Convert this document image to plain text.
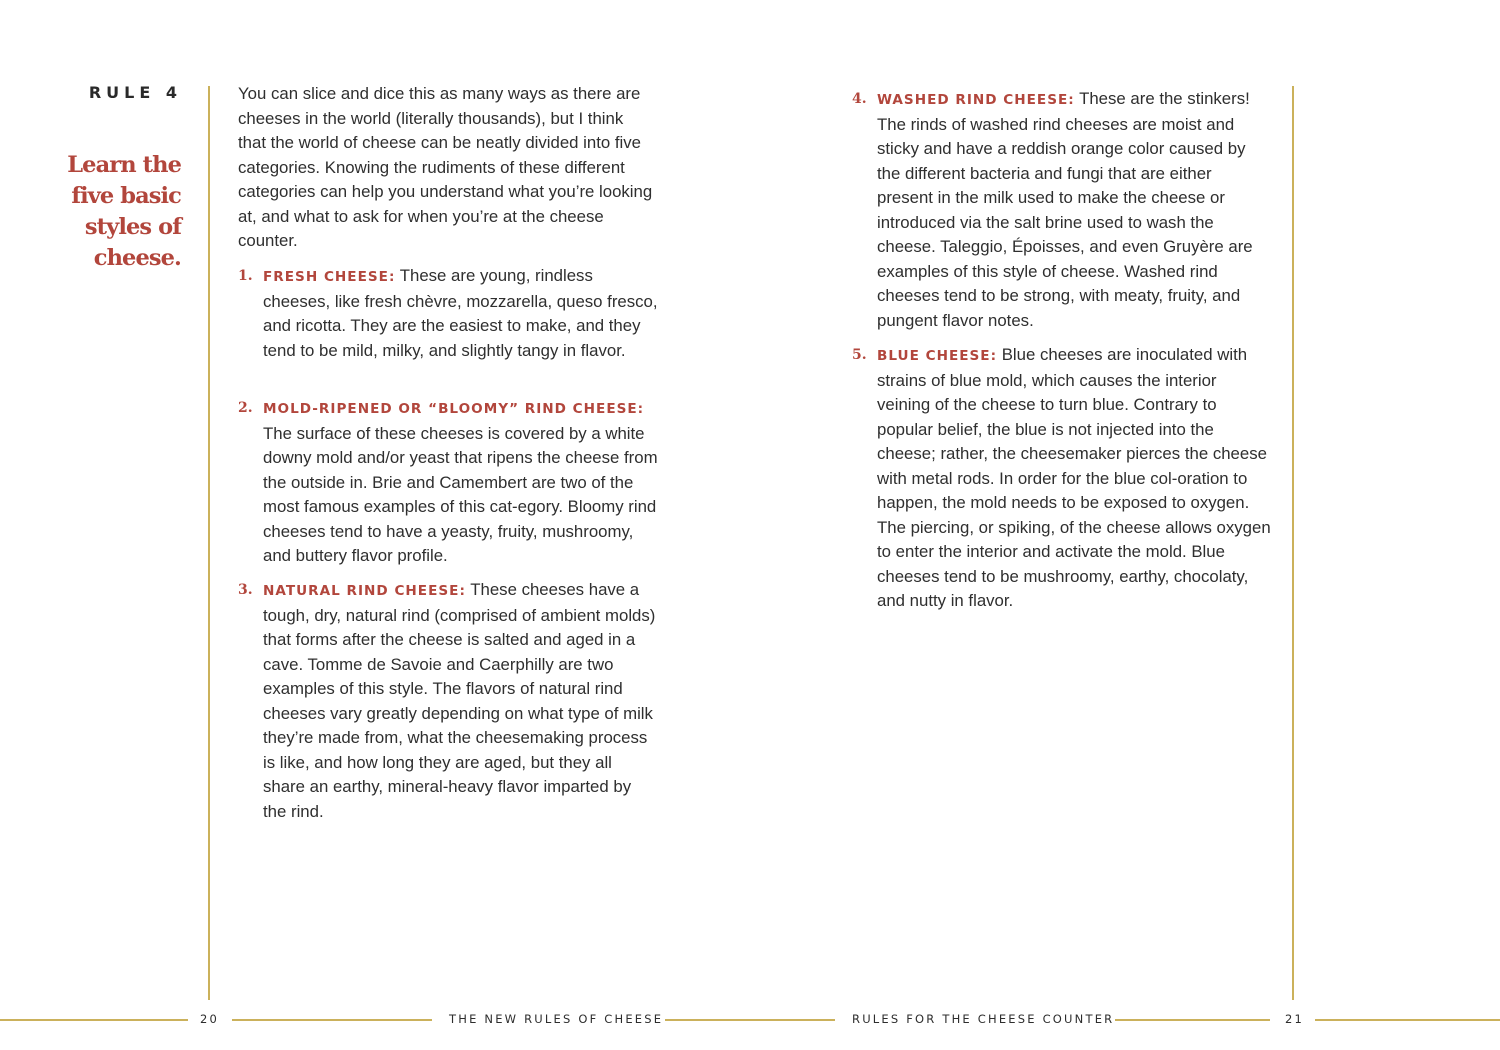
RULE 4
Learn the five basic styles of cheese.

You can slice and dice this as many ways as there are cheeses in the world (literally thousands), but I think that the world of cheese can be neatly divided into five categories. Knowing the rudiments of these different categories can help you understand what you’re looking at, and what to ask for when you’re at the cheese counter.

1. FRESH CHEESE: These are young, rindless cheeses, like fresh chèvre, mozzarella, queso fresco, and ricotta. They are the easiest to make, and they tend to be mild, milky, and slightly tangy in flavor.
2. MOLD-RIPENED OR “BLOOMY” RIND CHEESE: The surface of these cheeses is covered by a white downy mold and/or yeast that ripens the cheese from the outside in. Brie and Camembert are two of the most famous examples of this cat-egory. Bloomy rind cheeses tend to have a yeasty, fruity, mushroomy, and buttery flavor profile.
3. NATURAL RIND CHEESE: These cheeses have a tough, dry, natural rind (comprised of ambient molds) that forms after the cheese is salted and aged in a cave. Tomme de Savoie and Caerphilly are two examples of this style. The flavors of natural rind cheeses vary greatly depending on what type of milk they’re made from, what the cheesemaking process is like, and how long they are aged, but they all share an earthy, mineral-heavy flavor imparted by the rind.
4. WASHED RIND CHEESE: These are the stinkers! The rinds of washed rind cheeses are moist and sticky and have a reddish orange color caused by the different bacteria and fungi that are either present in the milk used to make the cheese or introduced via the salt brine used to wash the cheese. Taleggio, Époisses, and even Gruyère are examples of this style of cheese. Washed rind cheeses tend to be strong, with meaty, fruity, and pungent flavor notes.
5. BLUE CHEESE: Blue cheeses are inoculated with strains of blue mold, which causes the interior veining of the cheese to turn blue. Contrary to popular belief, the blue is not injected into the cheese; rather, the cheesemaker pierces the cheese with metal rods. In order for the blue col-oration to happen, the mold needs to be exposed to oxygen. The piercing, or spiking, of the cheese allows oxygen to enter the interior and activate the mold. Blue cheeses tend to be mushroomy, earthy, chocolaty, and nutty in flavor.
20	THE NEW RULES OF CHEESE	RULES FOR THE CHEESE COUNTER	21
